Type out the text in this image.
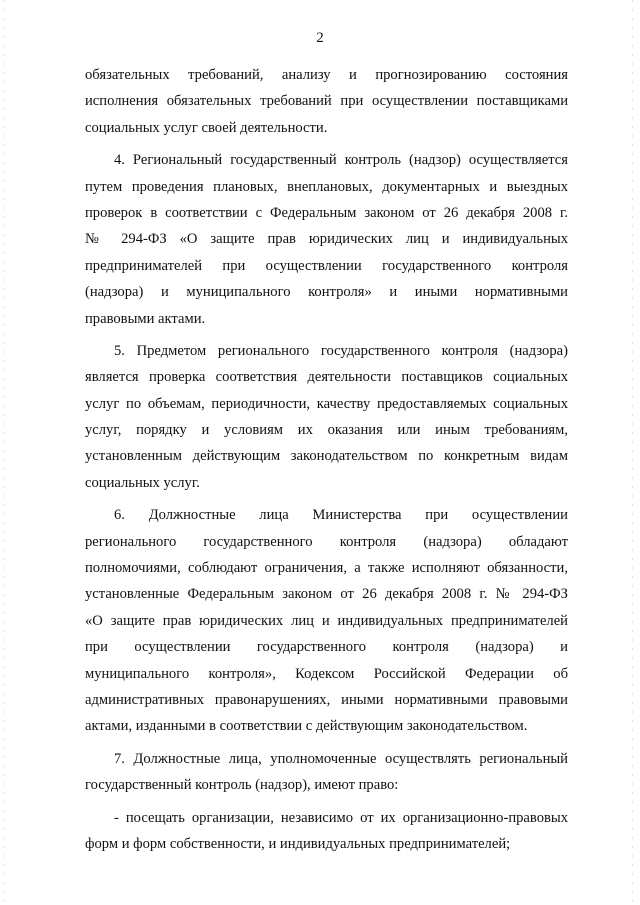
2
обязательных требований, анализу и прогнозированию состояния
исполнения обязательных требований при осуществлении поставщиками
социальных услуг своей деятельности.
4. Региональный государственный контроль (надзор) осуществляется
путем проведения плановых, внеплановых, документарных и выездных
проверок в соответствии с Федеральным законом от 26 декабря 2008 г.
№ 294-ФЗ «О защите прав юридических лиц и индивидуальных
предпринимателей при осуществлении государственного контроля
(надзора) и муниципального контроля» и иными нормативными
правовыми актами.
5. Предметом регионального государственного контроля (надзора)
является проверка соответствия деятельности поставщиков социальных
услуг по объемам, периодичности, качеству предоставляемых социальных
услуг, порядку и условиям их оказания или иным требованиям,
установленным действующим законодательством по конкретным видам
социальных услуг.
6. Должностные лица Министерства при осуществлении
регионального государственного контроля (надзора) обладают
полномочиями, соблюдают ограничения, а также исполняют обязанности,
установленные Федеральным законом от 26 декабря 2008 г. № 294-ФЗ
«О защите прав юридических лиц и индивидуальных предпринимателей
при осуществлении государственного контроля (надзора) и
муниципального контроля», Кодексом Российской Федерации об
административных правонарушениях, иными нормативными правовыми
актами, изданными в соответствии с действующим законодательством.
7. Должностные лица, уполномоченные осуществлять региональный
государственный контроль (надзор), имеют право:
- посещать организации, независимо от их организационно-правовых
форм и форм собственности, и индивидуальных предпринимателей;
